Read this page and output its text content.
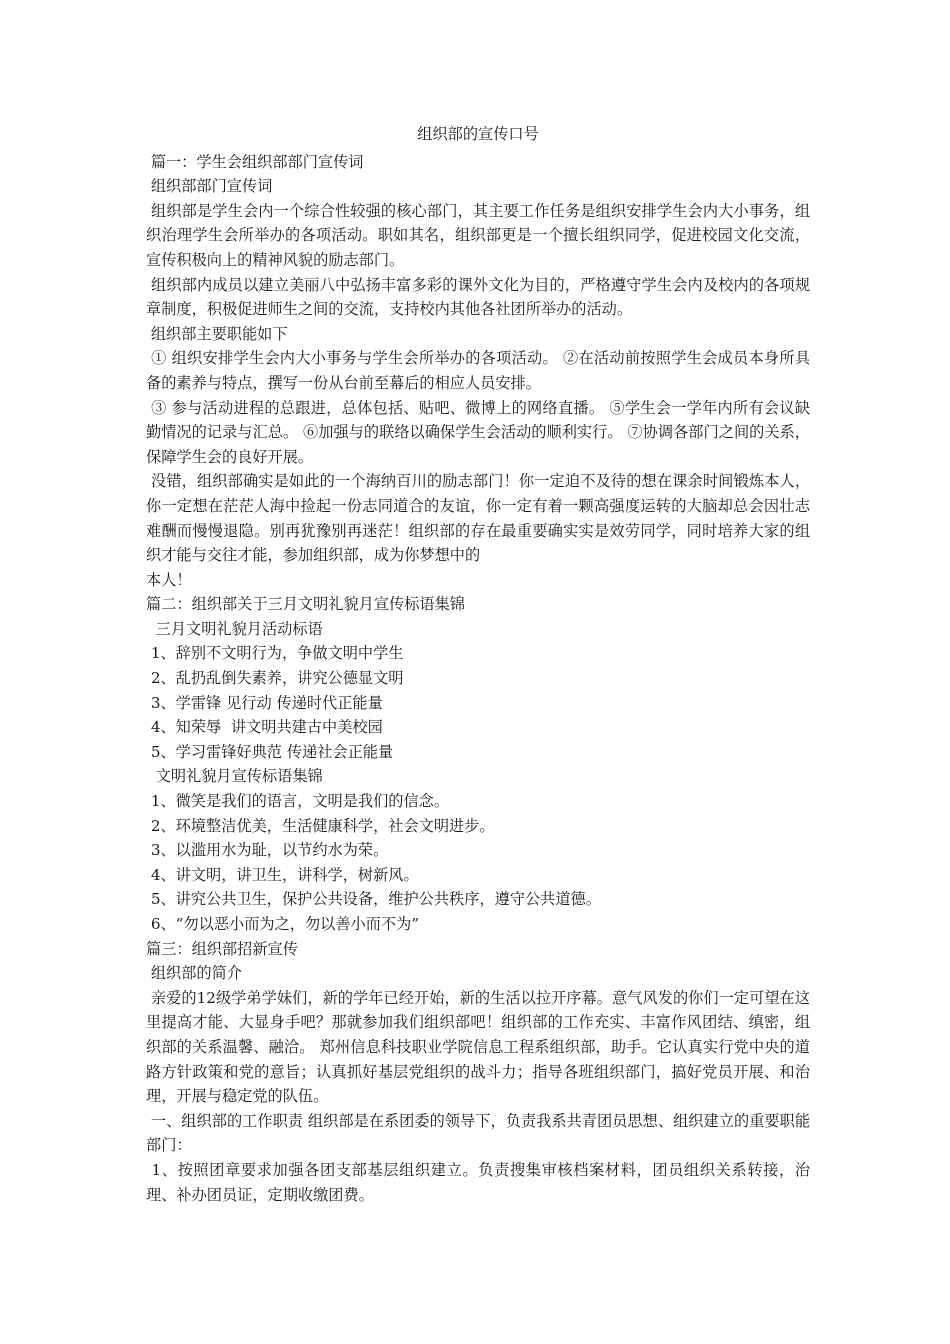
组织部的宣传口号

篇一：学生会组织部部门宣传词

组织部部门宣传词

组织部是学生会内一个综合性较强的核心部门，其主要工作任务是组织安排学生会内大小事务，组织治理学生会所举办的各项活动。职如其名，组织部更是一个擅长组织同学，促进校园文化交流，宣传积极向上的精神风貌的励志部门。

组织部内成员以建立美丽八中弘扬丰富多彩的课外文化为目的，严格遵守学生会内及校内的各项规章制度，积极促进师生之间的交流，支持校内其他各社团所举办的活动。

组织部主要职能如下

① 组织安排学生会内大小事务与学生会所举办的各项活动。 ②在活动前按照学生会成员本身所具备的素养与特点，撰写一份从台前至幕后的相应人员安排。

③ 参与活动进程的总跟进，总体包括、贴吧、微博上的网络直播。 ⑤学生会一学年内所有会议缺勤情况的记录与汇总。 ⑥加强与的联络以确保学生会活动的顺利实行。 ⑦协调各部门之间的关系，保障学生会的良好开展。

没错，组织部确实是如此的一个海纳百川的励志部门！你一定迫不及待的想在课余时间锻炼本人，你一定想在茫茫人海中捡起一份志同道合的友谊，你一定有着一颗高强度运转的大脑却总会因壮志难酬而慢慢退隐。别再犹豫别再迷茫！组织部的存在最重要确实实是效劳同学，同时培养大家的组织才能与交往才能，参加组织部，成为你梦想中的

本人！

篇二：组织部关于三月文明礼貌月宣传标语集锦

三月文明礼貌月活动标语

1、辞别不文明行为，争做文明中学生

2、乱扔乱倒失素养，讲究公德显文明

3、学雷锋 见行动 传递时代正能量

4、知荣辱  讲文明共建古中美校园

5、学习雷锋好典范 传递社会正能量

文明礼貌月宣传标语集锦

1、微笑是我们的语言，文明是我们的信念。

2、环境整洁优美，生活健康科学，社会文明进步。

3、以滥用水为耻，以节约水为荣。

4、讲文明，讲卫生，讲科学，树新风。

5、讲究公共卫生，保护公共设备，维护公共秩序，遵守公共道德。

6、“勿以恶小而为之，勿以善小而不为”

篇三：组织部招新宣传

组织部的简介

亲爱的12级学弟学妹们，新的学年已经开始，新的生活以拉开序幕。意气风发的你们一定可望在这里提高才能、大显身手吧？那就参加我们组织部吧！组织部的工作充实、丰富作风团结、缜密，组织部的关系温馨、融洽。 郑州信息科技职业学院信息工程系组织部，助手。它认真实行党中央的道路方针政策和党的意旨；认真抓好基层党组织的战斗力；指导各班组织部门，搞好党员开展、和治理，开展与稳定党的队伍。

一、组织部的工作职责 组织部是在系团委的领导下，负责我系共青团员思想、组织建立的重要职能部门：

1、按照团章要求加强各团支部基层组织建立。负责搜集审核档案材料，团员组织关系转接，治理、补办团员证，定期收缴团费。
